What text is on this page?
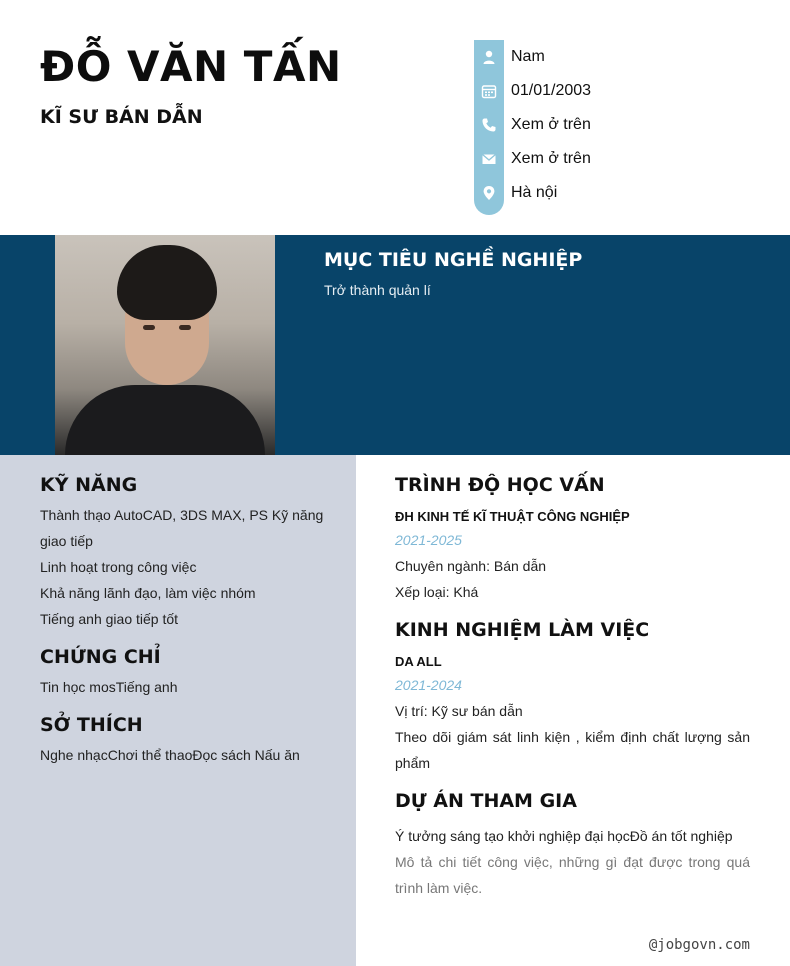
ĐỖ VĂN TẤN
KĨ SƯ BÁN DẪN
Nam
01/01/2003
Xem ở trên
Xem ở trên
Hà nội
MỤC TIÊU NGHỀ NGHIỆP
Trở thành quản lí
KỸ NĂNG
Thành thạo AutoCAD, 3DS MAX, PS Kỹ năng giao tiếp
Linh hoạt trong công việc
Khả năng lãnh đạo, làm việc nhóm
Tiếng anh giao tiếp tốt
CHỨNG CHỈ
Tin học mosTiếng anh
SỞ THÍCH
Nghe nhạcChơi thể thaoĐọc sách Nấu ăn
TRÌNH ĐỘ HỌC VẤN
ĐH KINH TẾ KĨ THUẬT CÔNG NGHIỆP
2021-2025
Chuyên ngành: Bán dẫn
Xếp loại: Khá
KINH NGHIỆM LÀM VIỆC
DA ALL
2021-2024
Vị trí: Kỹ sư bán dẫn
Theo dõi giám sát linh kiện , kiểm định chất lượng sản phẩm
DỰ ÁN THAM GIA
Ý tưởng sáng tạo khởi nghiệp đại họcĐồ án tốt nghiệp
Mô tả chi tiết công việc, những gì đạt được trong quá trình làm việc.
@jobgovn.com
